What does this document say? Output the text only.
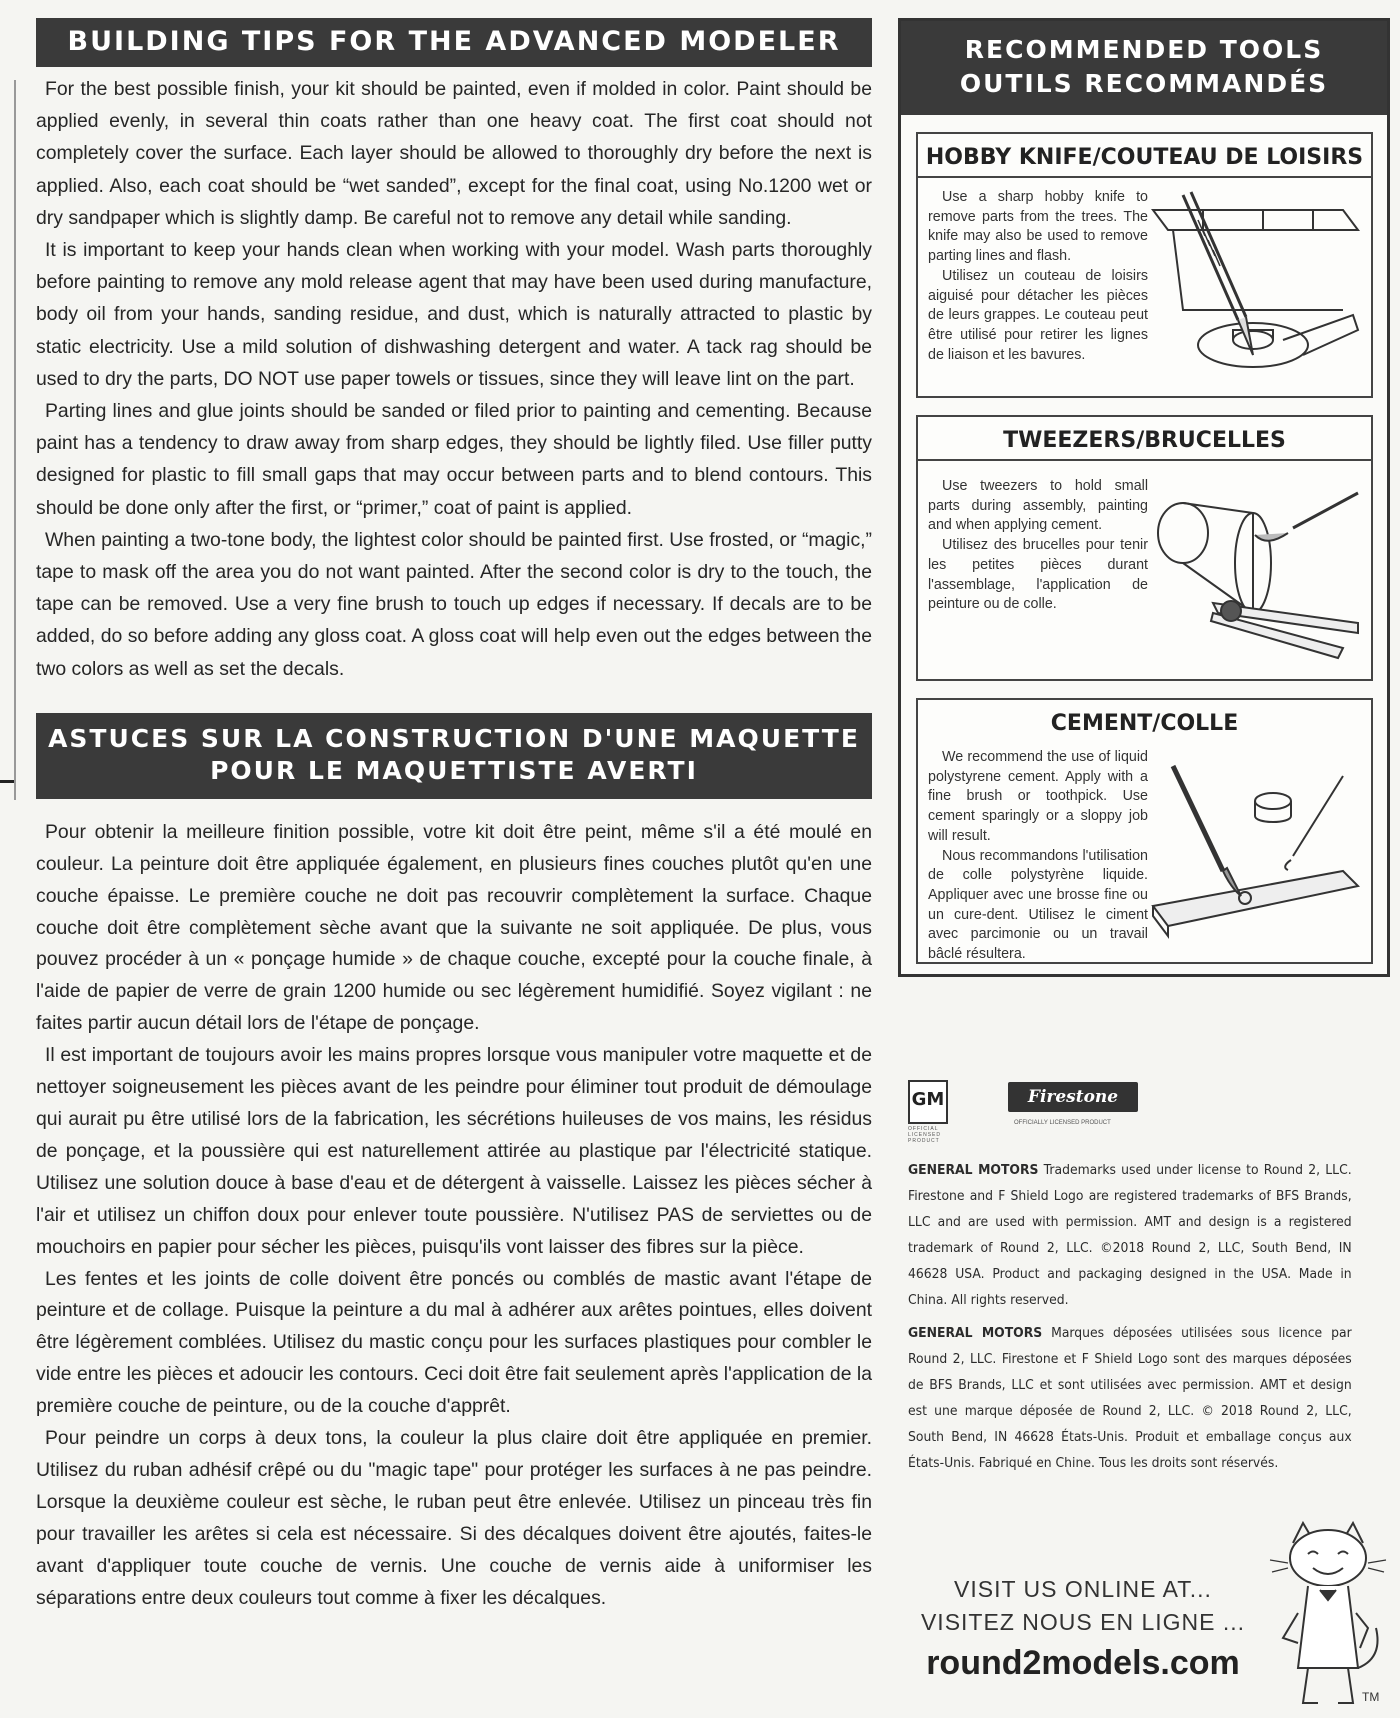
BUILDING TIPS FOR THE ADVANCED MODELER

For the best possible finish, your kit should be painted, even if molded in color. Paint should be applied evenly, in several thin coats rather than one heavy coat. The first coat should not completely cover the surface. Each layer should be allowed to thoroughly dry before the next is applied. Also, each coat should be “wet sanded”, except for the final coat, using No.1200 wet or dry sandpaper which is slightly damp. Be careful not to remove any detail while sanding.

It is important to keep your hands clean when working with your model. Wash parts thoroughly before painting to remove any mold release agent that may have been used during manufacture, body oil from your hands, sanding residue, and dust, which is naturally attracted to plastic by static electricity. Use a mild solution of dishwashing detergent and water. A tack rag should be used to dry the parts, DO NOT use paper towels or tissues, since they will leave lint on the part.

Parting lines and glue joints should be sanded or filed prior to painting and cementing. Because paint has a tendency to draw away from sharp edges, they should be lightly filed. Use filler putty designed for plastic to fill small gaps that may occur between parts and to blend contours. This should be done only after the first, or “primer,” coat of paint is applied.

When painting a two-tone body, the lightest color should be painted first. Use frosted, or “magic,” tape to mask off the area you do not want painted. After the second color is dry to the touch, the tape can be removed. Use a very fine brush to touch up edges if necessary. If decals are to be added, do so before adding any gloss coat. A gloss coat will help even out the edges between the two colors as well as set the decals.

ASTUCES SUR LA CONSTRUCTION D'UNE MAQUETTE
POUR LE MAQUETTISTE AVERTI

Pour obtenir la meilleure finition possible, votre kit doit être peint, même s'il a été moulé en couleur. La peinture doit être appliquée également, en plusieurs fines couches plutôt qu'en une couche épaisse. Le première couche ne doit pas recouvrir complètement la surface. Chaque couche doit être complètement sèche avant que la suivante ne soit appliquée. De plus, vous pouvez procéder à un « ponçage humide » de chaque couche, excepté pour la couche finale, à l'aide de papier de verre de grain 1200 humide ou sec légèrement humidifié. Soyez vigilant : ne faites partir aucun détail lors de l'étape de ponçage.

Il est important de toujours avoir les mains propres lorsque vous manipuler votre maquette et de nettoyer soigneusement les pièces avant de les peindre pour éliminer tout produit de démoulage qui aurait pu être utilisé lors de la fabrication, les sécrétions huileuses de vos mains, les résidus de ponçage, et la poussière qui est naturellement attirée au plastique par l'électricité statique. Utilisez une solution douce à base d'eau et de détergent à vaisselle. Laissez les pièces sécher à l'air et utilisez un chiffon doux pour enlever toute poussière. N'utilisez PAS de serviettes ou de mouchoirs en papier pour sécher les pièces, puisqu'ils vont laisser des fibres sur la pièce.

Les fentes et les joints de colle doivent être poncés ou comblés de mastic avant l'étape de peinture et de collage. Puisque la peinture a du mal à adhérer aux arêtes pointues, elles doivent être légèrement comblées. Utilisez du mastic conçu pour les surfaces plastiques pour combler le vide entre les pièces et adoucir les contours. Ceci doit être fait seulement après l'application de la première couche de peinture, ou de la couche d'apprêt.

Pour peindre un corps à deux tons, la couleur la plus claire doit être appliquée en premier. Utilisez du ruban adhésif crêpé ou du "magic tape" pour protéger les surfaces à ne pas peindre. Lorsque la deuxième couleur est sèche, le ruban peut être enlevée. Utilisez un pinceau très fin pour travailler les arêtes si cela est nécessaire. Si des décalques doivent être ajoutés, faites-le avant d'appliquer toute couche de vernis. Une couche de vernis aide à uniformiser les séparations entre deux couleurs tout comme à fixer les décalques.

RECOMMENDED TOOLS
OUTILS RECOMMANDÉS
HOBBY KNIFE/COUTEAU DE LOISIRS

Use a sharp hobby knife to remove parts from the trees. The knife may also be used to remove parting lines and flash.

Utilisez un couteau de loisirs aiguisé pour détacher les pièces de leurs grappes. Le couteau peut être utilisé pour retirer les lignes de liaison et les bavures.

TWEEZERS/BRUCELLES

Use tweezers to hold small parts during assembly, painting and when applying cement.

Utilisez des brucelles pour tenir les petites pièces durant l'assemblage, l'application de peinture ou de colle.

CEMENT/COLLE

We recommend the use of liquid polystyrene cement. Apply with a fine brush or toothpick. Use cement sparingly or a sloppy job will result.

Nous recommandons l'utilisation de colle polystyrène liquide. Appliquer avec une brosse fine ou un cure-dent. Utilisez le ciment avec parcimonie ou un travail bâclé résultera.

GM
OFFICIAL LICENSED PRODUCT
Firestone
OFFICIALLY LICENSED PRODUCT
GENERAL MOTORS Trademarks used under license to Round 2, LLC. Firestone and F Shield Logo are registered trademarks of BFS Brands, LLC and are used with permission. AMT and design is a registered trademark of Round 2, LLC. ©2018 Round 2, LLC, South Bend, IN 46628 USA. Product and packaging designed in the USA. Made in China. All rights reserved.
GENERAL MOTORS Marques déposées utilisées sous licence par Round 2, LLC. Firestone et F Shield Logo sont des marques déposées de BFS Brands, LLC et sont utilisées avec permission. AMT et design est une marque déposée de Round 2, LLC. © 2018 Round 2, LLC, South Bend, IN 46628 États-Unis. Produit et emballage conçus aux États-Unis. Fabriqué en Chine. Tous les droits sont réservés.
VISIT US ONLINE AT...
VISITEZ NOUS EN LIGNE ...
round2models.com
TM
